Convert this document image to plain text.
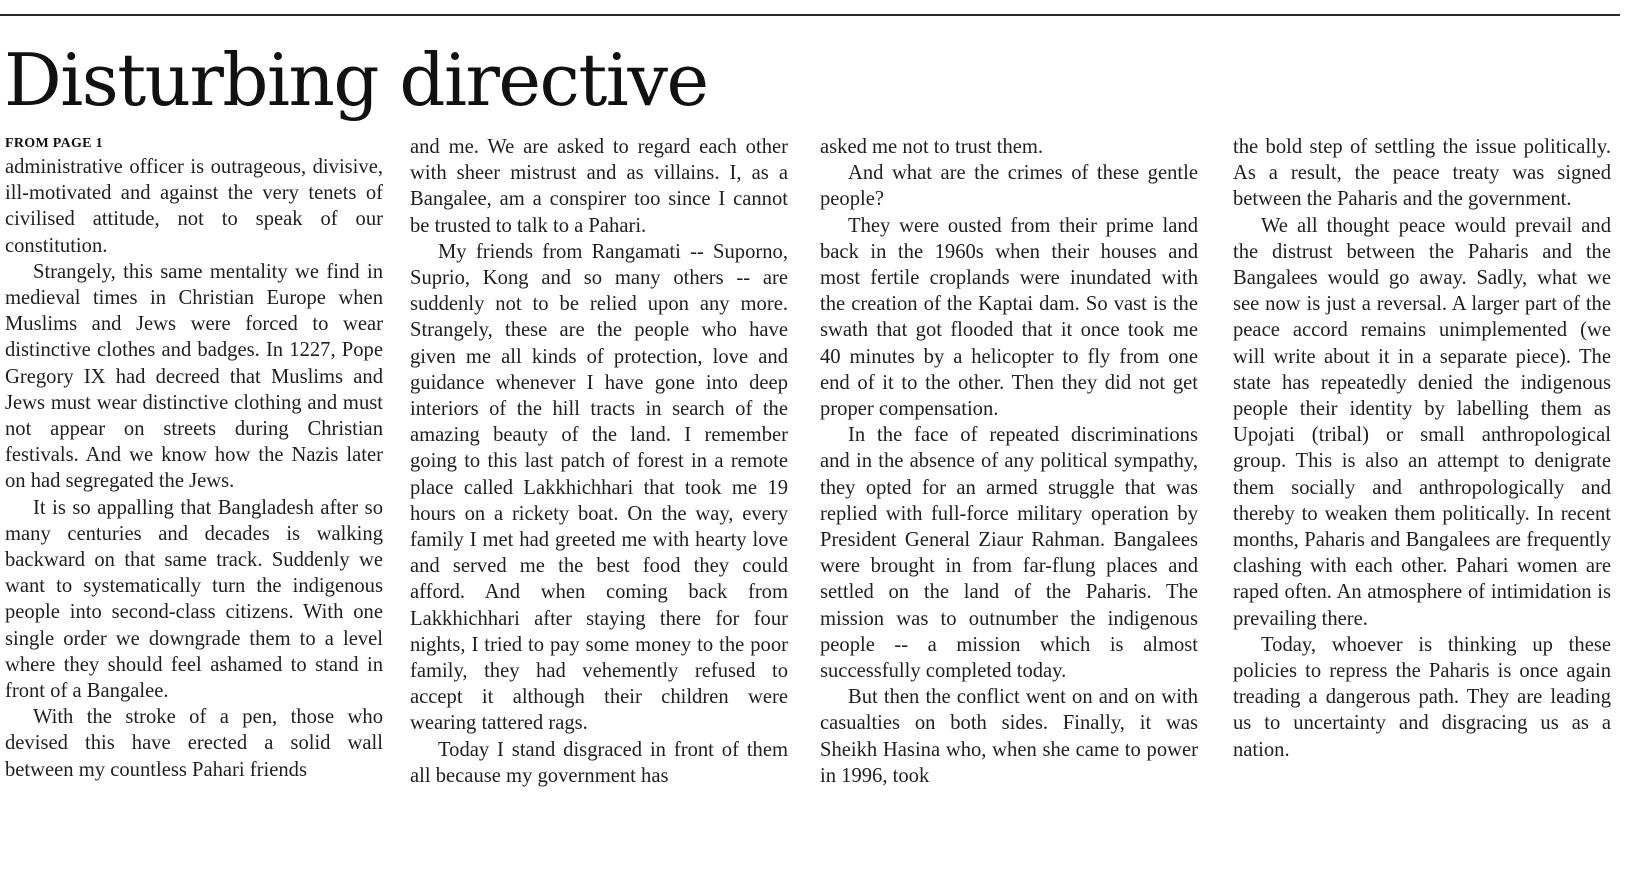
Disturbing directive
FROM PAGE 1

administrative officer is outrageous, divisive, ill-motivated and against the very tenets of civilised attitude, not to speak of our constitution.

Strangely, this same mentality we find in medieval times in Christian Europe when Muslims and Jews were forced to wear distinctive clothes and badges. In 1227, Pope Gregory IX had decreed that Muslims and Jews must wear distinctive clothing and must not appear on streets during Christian festivals. And we know how the Nazis later on had segregated the Jews.

It is so appalling that Bangladesh after so many centuries and decades is walking backward on that same track. Suddenly we want to systematically turn the indigenous people into second-class citizens. With one single order we downgrade them to a level where they should feel ashamed to stand in front of a Bangalee.

With the stroke of a pen, those who devised this have erected a solid wall between my countless Pahari friends

and me. We are asked to regard each other with sheer mistrust and as villains. I, as a Bangalee, am a conspirer too since I cannot be trusted to talk to a Pahari.

My friends from Rangamati -- Suporno, Suprio, Kong and so many others -- are suddenly not to be relied upon any more. Strangely, these are the people who have given me all kinds of protection, love and guidance whenever I have gone into deep interiors of the hill tracts in search of the amazing beauty of the land. I remember going to this last patch of forest in a remote place called Lakkhichhari that took me 19 hours on a rickety boat. On the way, every family I met had greeted me with hearty love and served me the best food they could afford. And when coming back from Lakkhichhari after staying there for four nights, I tried to pay some money to the poor family, they had vehemently refused to accept it although their children were wearing tattered rags.

Today I stand disgraced in front of them all because my government has

asked me not to trust them.

And what are the crimes of these gentle people?

They were ousted from their prime land back in the 1960s when their houses and most fertile croplands were inundated with the creation of the Kaptai dam. So vast is the swath that got flooded that it once took me 40 minutes by a helicopter to fly from one end of it to the other. Then they did not get proper compensation.

In the face of repeated discriminations and in the absence of any political sympathy, they opted for an armed struggle that was replied with full-force military operation by President General Ziaur Rahman. Bangalees were brought in from far-flung places and settled on the land of the Paharis. The mission was to outnumber the indigenous people -- a mission which is almost successfully completed today.

But then the conflict went on and on with casualties on both sides. Finally, it was Sheikh Hasina who, when she came to power in 1996, took

the bold step of settling the issue politically. As a result, the peace treaty was signed between the Paharis and the government.

We all thought peace would prevail and the distrust between the Paharis and the Bangalees would go away. Sadly, what we see now is just a reversal. A larger part of the peace accord remains unimplemented (we will write about it in a separate piece). The state has repeatedly denied the indigenous people their identity by labelling them as Upojati (tribal) or small anthropological group. This is also an attempt to denigrate them socially and anthropologically and thereby to weaken them politically. In recent months, Paharis and Bangalees are frequently clashing with each other. Pahari women are raped often. An atmosphere of intimidation is prevailing there.

Today, whoever is thinking up these policies to repress the Paharis is once again treading a dangerous path. They are leading us to uncertainty and disgracing us as a nation.
